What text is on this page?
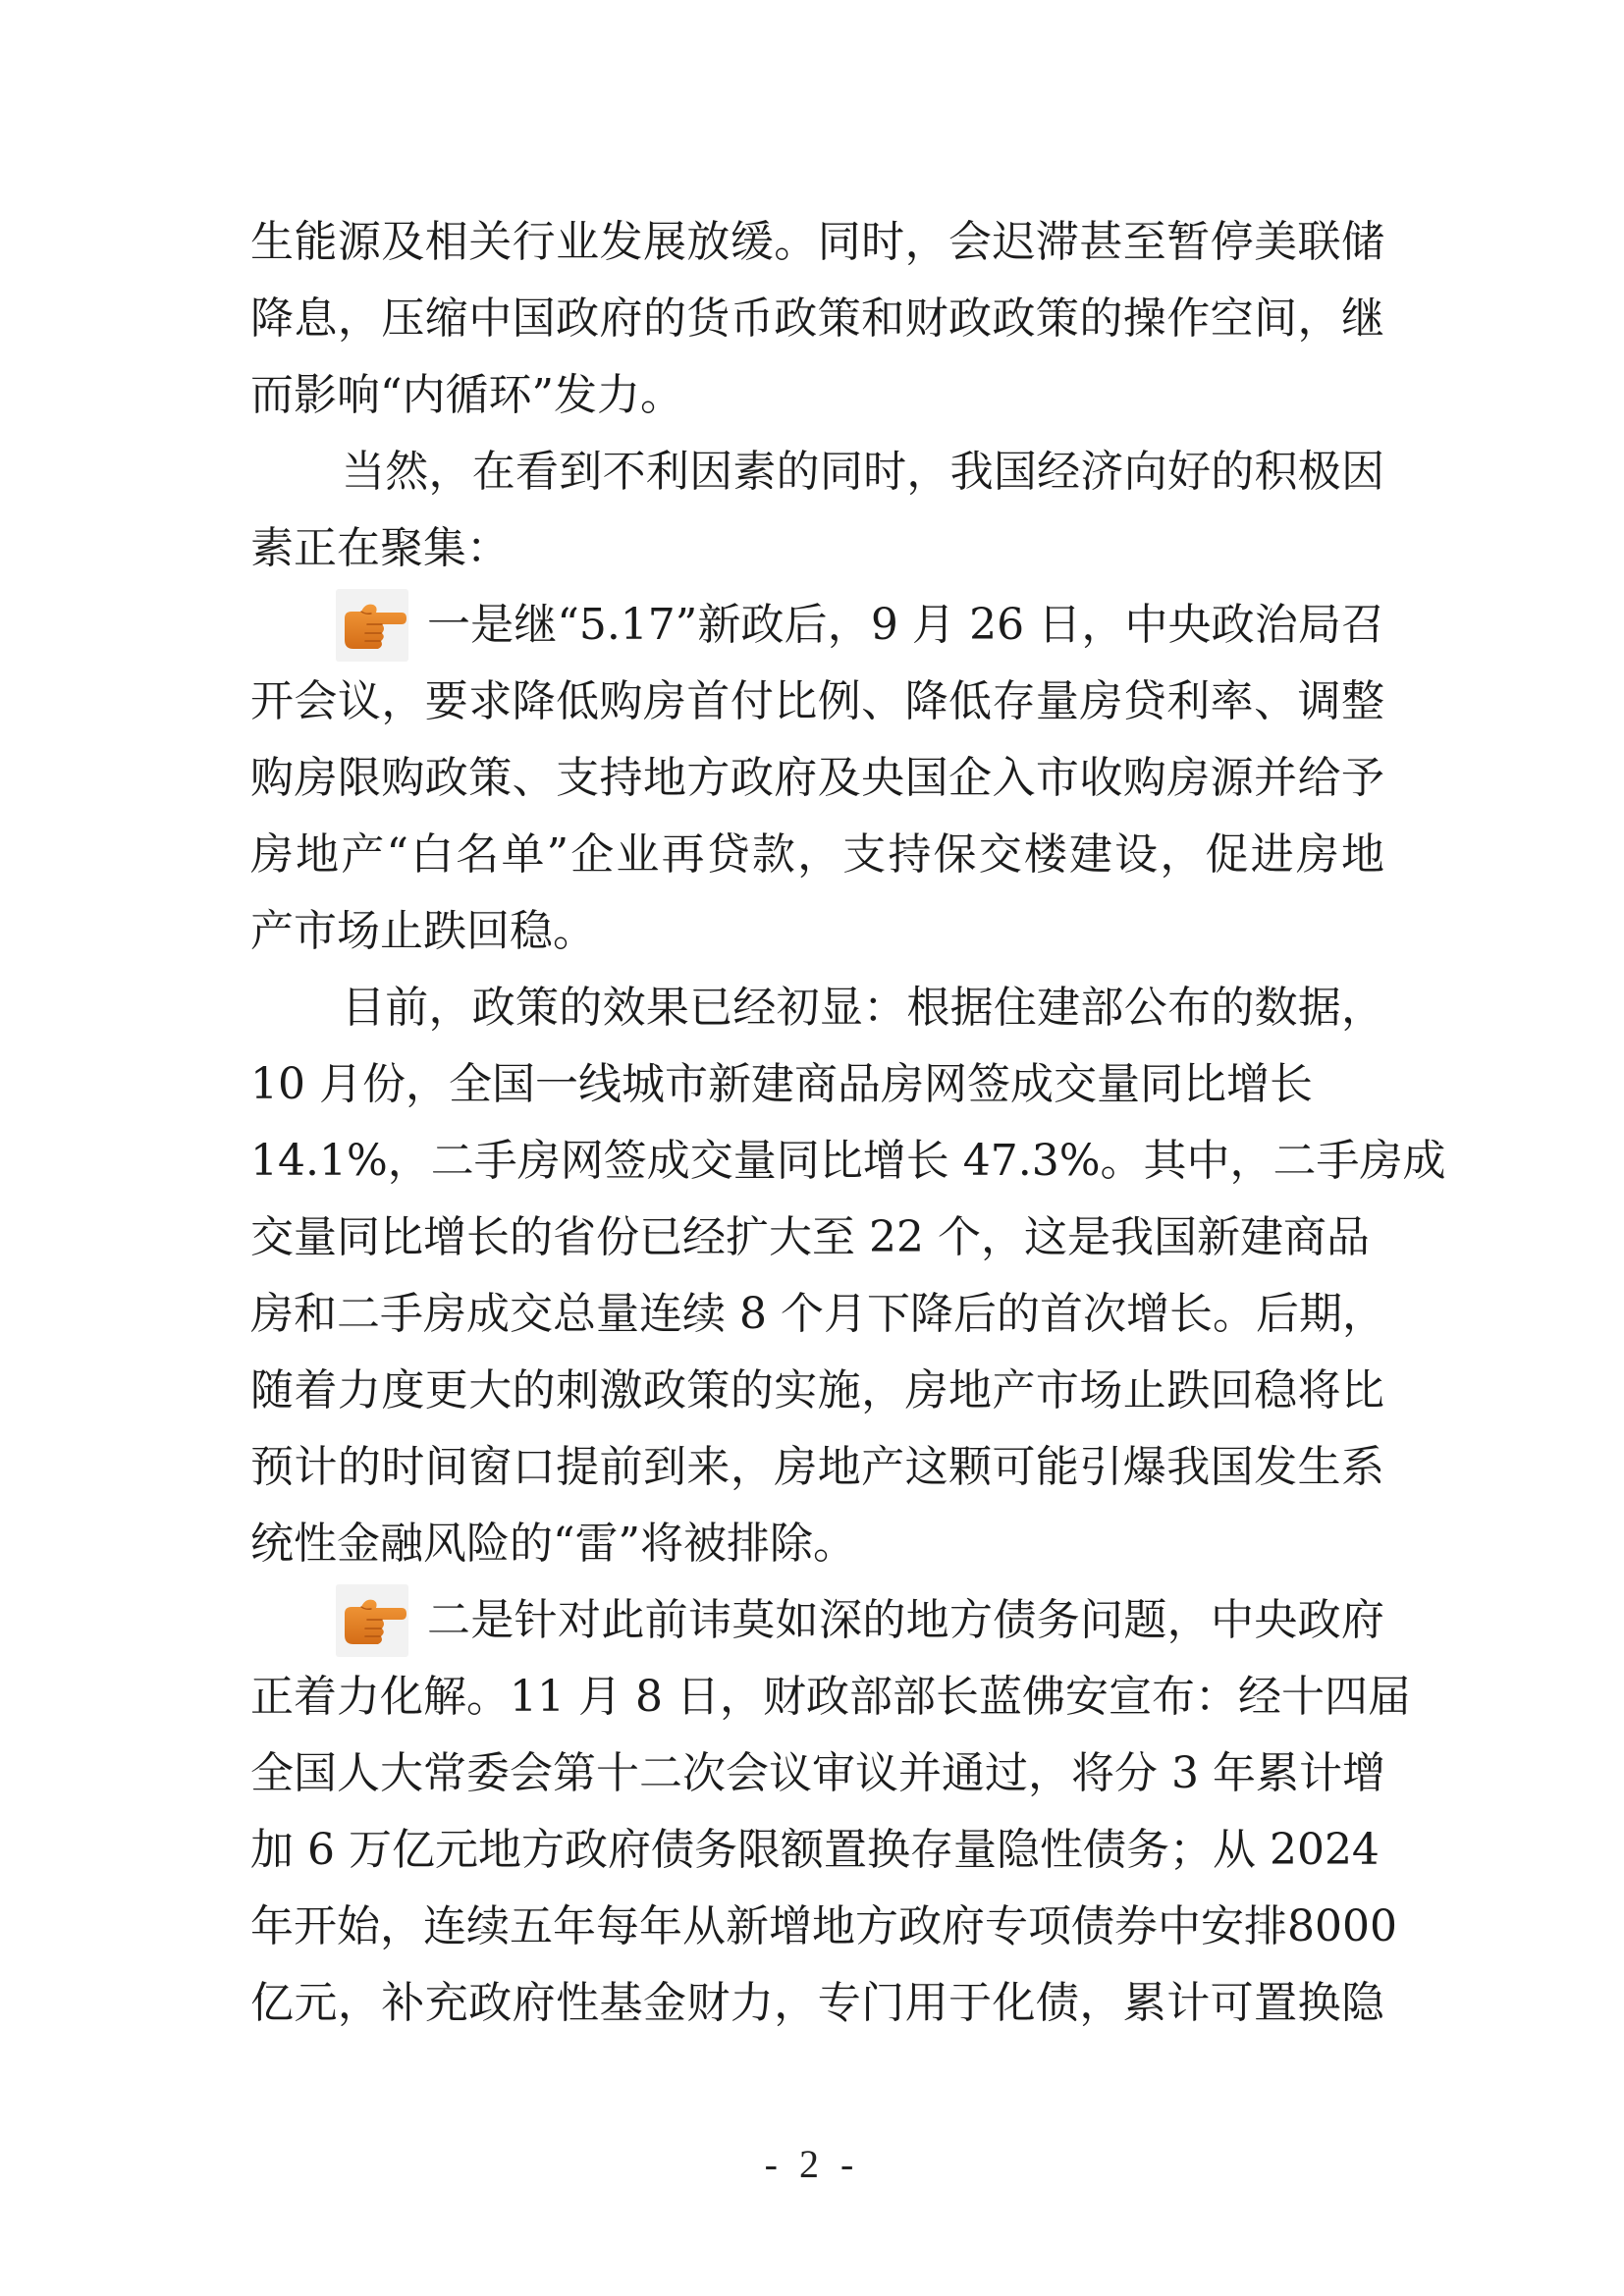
生能源及相关行业发展放缓。同时，会迟滞甚至暂停美联储
降息，压缩中国政府的货币政策和财政政策的操作空间，继
而影响“内循环”发力。
当然，在看到不利因素的同时，我国经济向好的积极因
素正在聚集：
一是继“5.17”新政后，9 月 26 日，中央政治局召
开会议，要求降低购房首付比例、降低存量房贷利率、调整
购房限购政策、支持地方政府及央国企入市收购房源并给予
房地产“白名单”企业再贷款，支持保交楼建设，促进房地
产市场止跌回稳。
目前，政策的效果已经初显：根据住建部公布的数据，
10 月份，全国一线城市新建商品房网签成交量同比增长
14.1%，二手房网签成交量同比增长 47.3%。其中，二手房成
交量同比增长的省份已经扩大至 22 个，这是我国新建商品
房和二手房成交总量连续 8 个月下降后的首次增长。后期，
随着力度更大的刺激政策的实施，房地产市场止跌回稳将比
预计的时间窗口提前到来，房地产这颗可能引爆我国发生系
统性金融风险的“雷”将被排除。
二是针对此前讳莫如深的地方债务问题，中央政府
正着力化解。11 月 8 日，财政部部长蓝佛安宣布：经十四届
全国人大常委会第十二次会议审议并通过，将分 3 年累计增
加 6 万亿元地方政府债务限额置换存量隐性债务；从 2024
年开始，连续五年每年从新增地方政府专项债券中安排8000
亿元，补充政府性基金财力，专门用于化债，累计可置换隐
- 2 -
